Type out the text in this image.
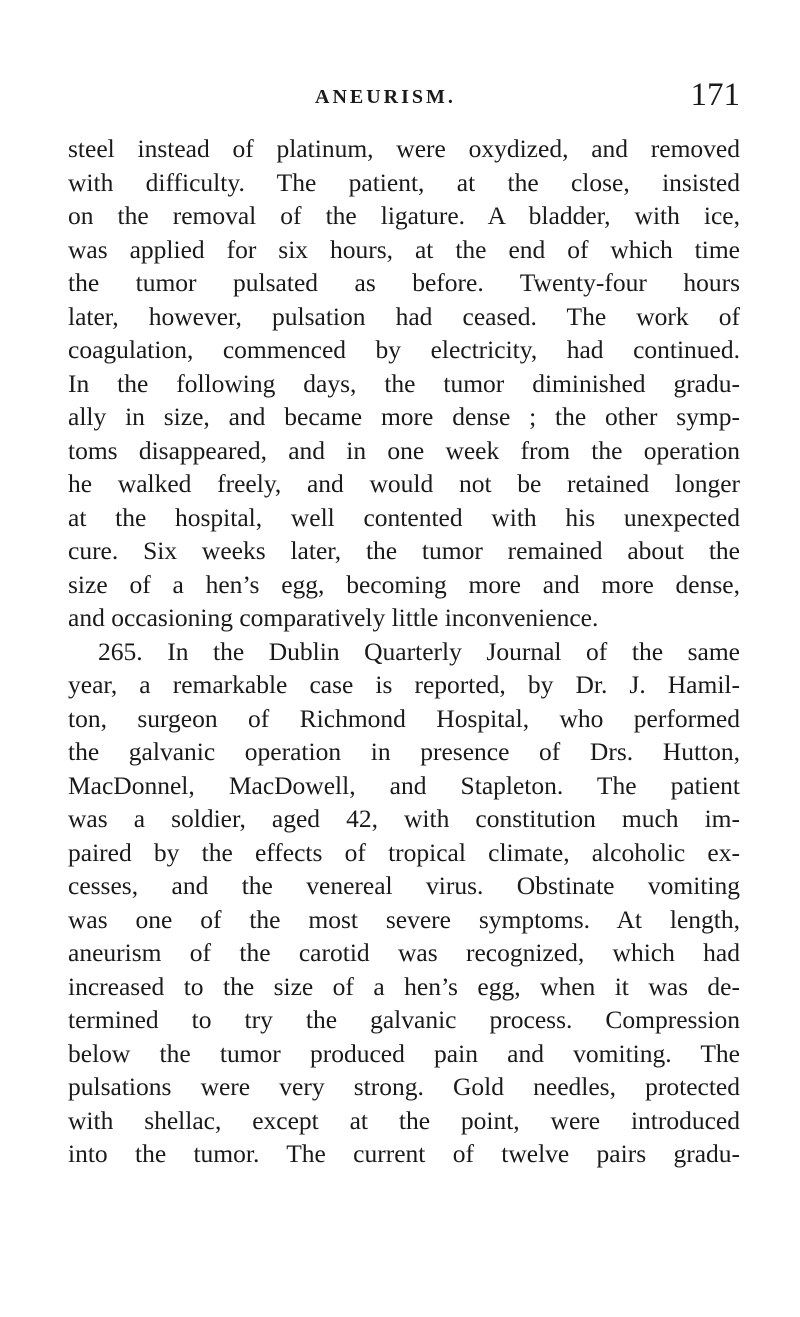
ANEURISM.	171
steel instead of platinum, were oxydized, and removed
with difficulty. The patient, at the close, insisted
on the removal of the ligature. A bladder, with ice,
was applied for six hours, at the end of which time
the tumor pulsated as before. Twenty-four hours
later, however, pulsation had ceased. The work of
coagulation, commenced by electricity, had continued.
In the following days, the tumor diminished gradu-
ally in size, and became more dense ; the other symp-
toms disappeared, and in one week from the operation
he walked freely, and would not be retained longer
at the hospital, well contented with his unexpected
cure. Six weeks later, the tumor remained about the
size of a hen’s egg, becoming more and more dense,
and occasioning comparatively little inconvenience.
265. In the Dublin Quarterly Journal of the same
year, a remarkable case is reported, by Dr. J. Hamil-
ton, surgeon of Richmond Hospital, who performed
the galvanic operation in presence of Drs. Hutton,
MacDonnel, MacDowell, and Stapleton. The patient
was a soldier, aged 42, with constitution much im-
paired by the effects of tropical climate, alcoholic ex-
cesses, and the venereal virus. Obstinate vomiting
was one of the most severe symptoms. At length,
aneurism of the carotid was recognized, which had
increased to the size of a hen’s egg, when it was de-
termined to try the galvanic process. Compression
below the tumor produced pain and vomiting. The
pulsations were very strong. Gold needles, protected
with shellac, except at the point, were introduced
into the tumor. The current of twelve pairs gradu-
